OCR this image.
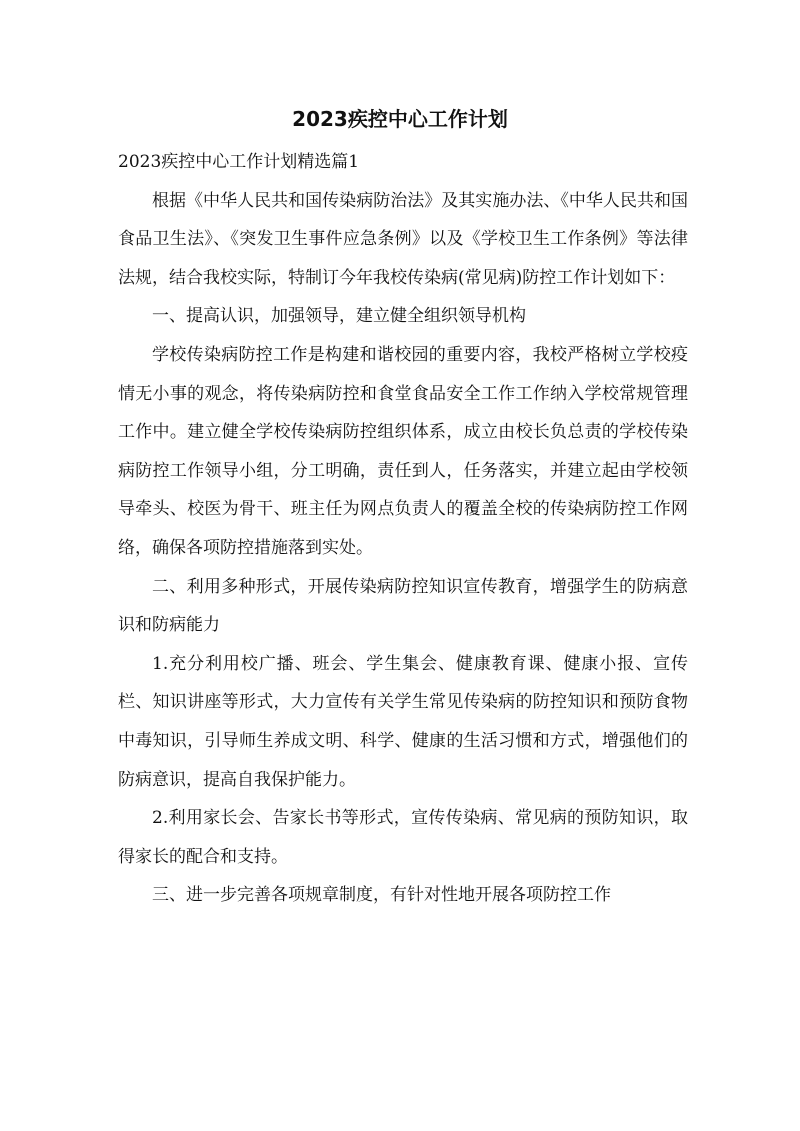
2023疾控中心工作计划

2023疾控中心工作计划精选篇1

根据《中华人民共和国传染病防治法》及其实施办法、《中华人民共和国食品卫生法》、《突发卫生事件应急条例》以及《学校卫生工作条例》等法律法规，结合我校实际，特制订今年我校传染病(常见病)防控工作计划如下：

一、提高认识，加强领导，建立健全组织领导机构

学校传染病防控工作是构建和谐校园的重要内容，我校严格树立学校疫情无小事的观念，将传染病防控和食堂食品安全工作工作纳入学校常规管理工作中。建立健全学校传染病防控组织体系，成立由校长负总责的学校传染病防控工作领导小组，分工明确，责任到人，任务落实，并建立起由学校领导牵头、校医为骨干、班主任为网点负责人的覆盖全校的传染病防控工作网络，确保各项防控措施落到实处。

二、利用多种形式，开展传染病防控知识宣传教育，增强学生的防病意识和防病能力

1.充分利用校广播、班会、学生集会、健康教育课、健康小报、宣传栏、知识讲座等形式，大力宣传有关学生常见传染病的防控知识和预防食物中毒知识，引导师生养成文明、科学、健康的生活习惯和方式，增强他们的防病意识，提高自我保护能力。

2.利用家长会、告家长书等形式，宣传传染病、常见病的预防知识，取得家长的配合和支持。

三、进一步完善各项规章制度，有针对性地开展各项防控工作
